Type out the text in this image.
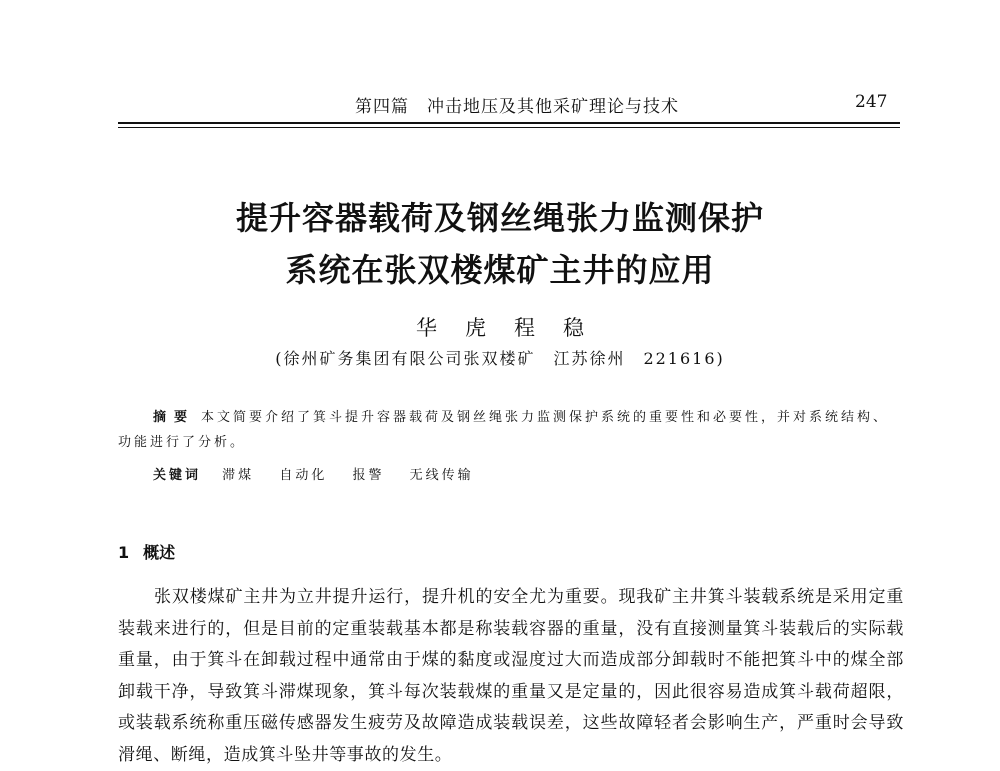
第四篇　冲击地压及其他采矿理论与技术	247
提升容器载荷及钢丝绳张力监测保护
系统在张双楼煤矿主井的应用
华虎程稳
(徐州矿务集团有限公司张双楼矿　江苏徐州　221616)
摘要 本文简要介绍了箕斗提升容器载荷及钢丝绳张力监测保护系统的重要性和必要性，并对系统结构、功能进行了分析。
关键词 滞煤 自动化 报警 无线传输
1 概述
张双楼煤矿主井为立井提升运行，提升机的安全尤为重要。现我矿主井箕斗装载系统是采用定重装载来进行的，但是目前的定重装载基本都是称装载容器的重量，没有直接测量箕斗装载后的实际载重量，由于箕斗在卸载过程中通常由于煤的黏度或湿度过大而造成部分卸载时不能把箕斗中的煤全部卸载干净，导致箕斗滞煤现象，箕斗每次装载煤的重量又是定量的，因此很容易造成箕斗载荷超限，或装载系统称重压磁传感器发生疲劳及故障造成装载误差，这些故障轻者会影响生产，严重时会导致滑绳、断绳，造成箕斗坠井等事故的发生。
